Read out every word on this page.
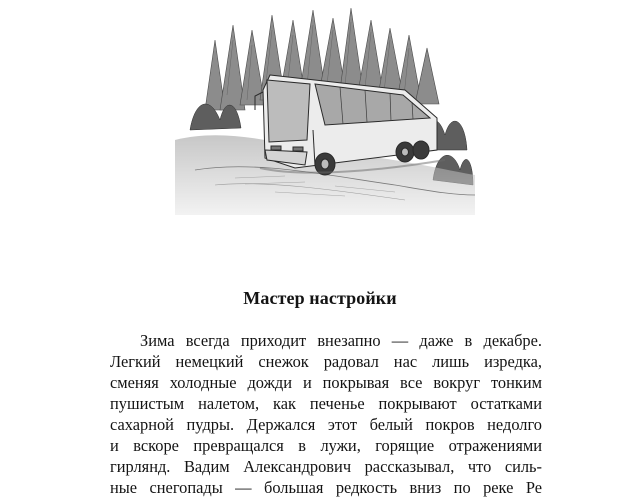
Мастер настройки
Зима всегда приходит внезапно — даже в декабре.
Легкий немецкий снежок радовал нас лишь изредка,
сменяя холодные дожди и покрывая все вокруг тонким
пушистым налетом, как печенье покрывают остатками
сахарной пудры. Держался этот белый покров недолго
и вскоре превращался в лужи, горящие отражениями
гирлянд. Вадим Александрович рассказывал, что силь-
ные снегопады — большая редкость вниз по реке Ре
